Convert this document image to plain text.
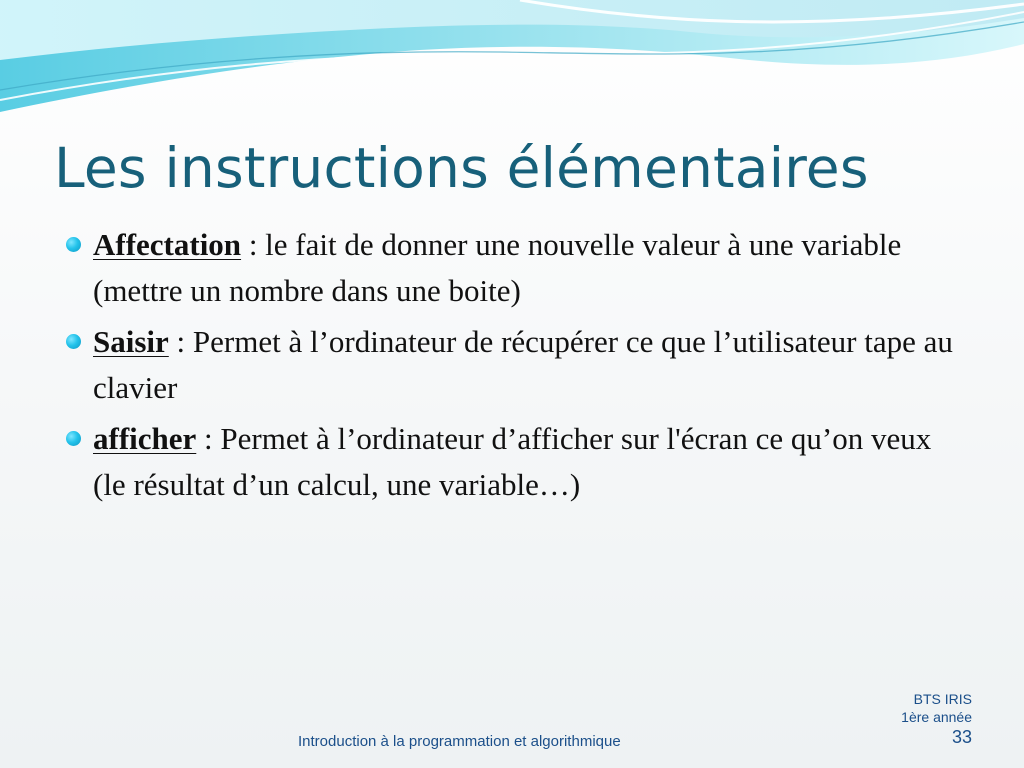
Les instructions élémentaires
Affectation : le fait de donner une nouvelle valeur à une variable (mettre un nombre dans une boite)
Saisir : Permet à l’ordinateur de récupérer ce que l’utilisateur tape au clavier
afficher : Permet à l’ordinateur d’afficher sur l'écran ce qu’on veux (le résultat d’un calcul, une variable…)
Introduction à la programmation et algorithmique
BTS IRIS
1ère année
33
